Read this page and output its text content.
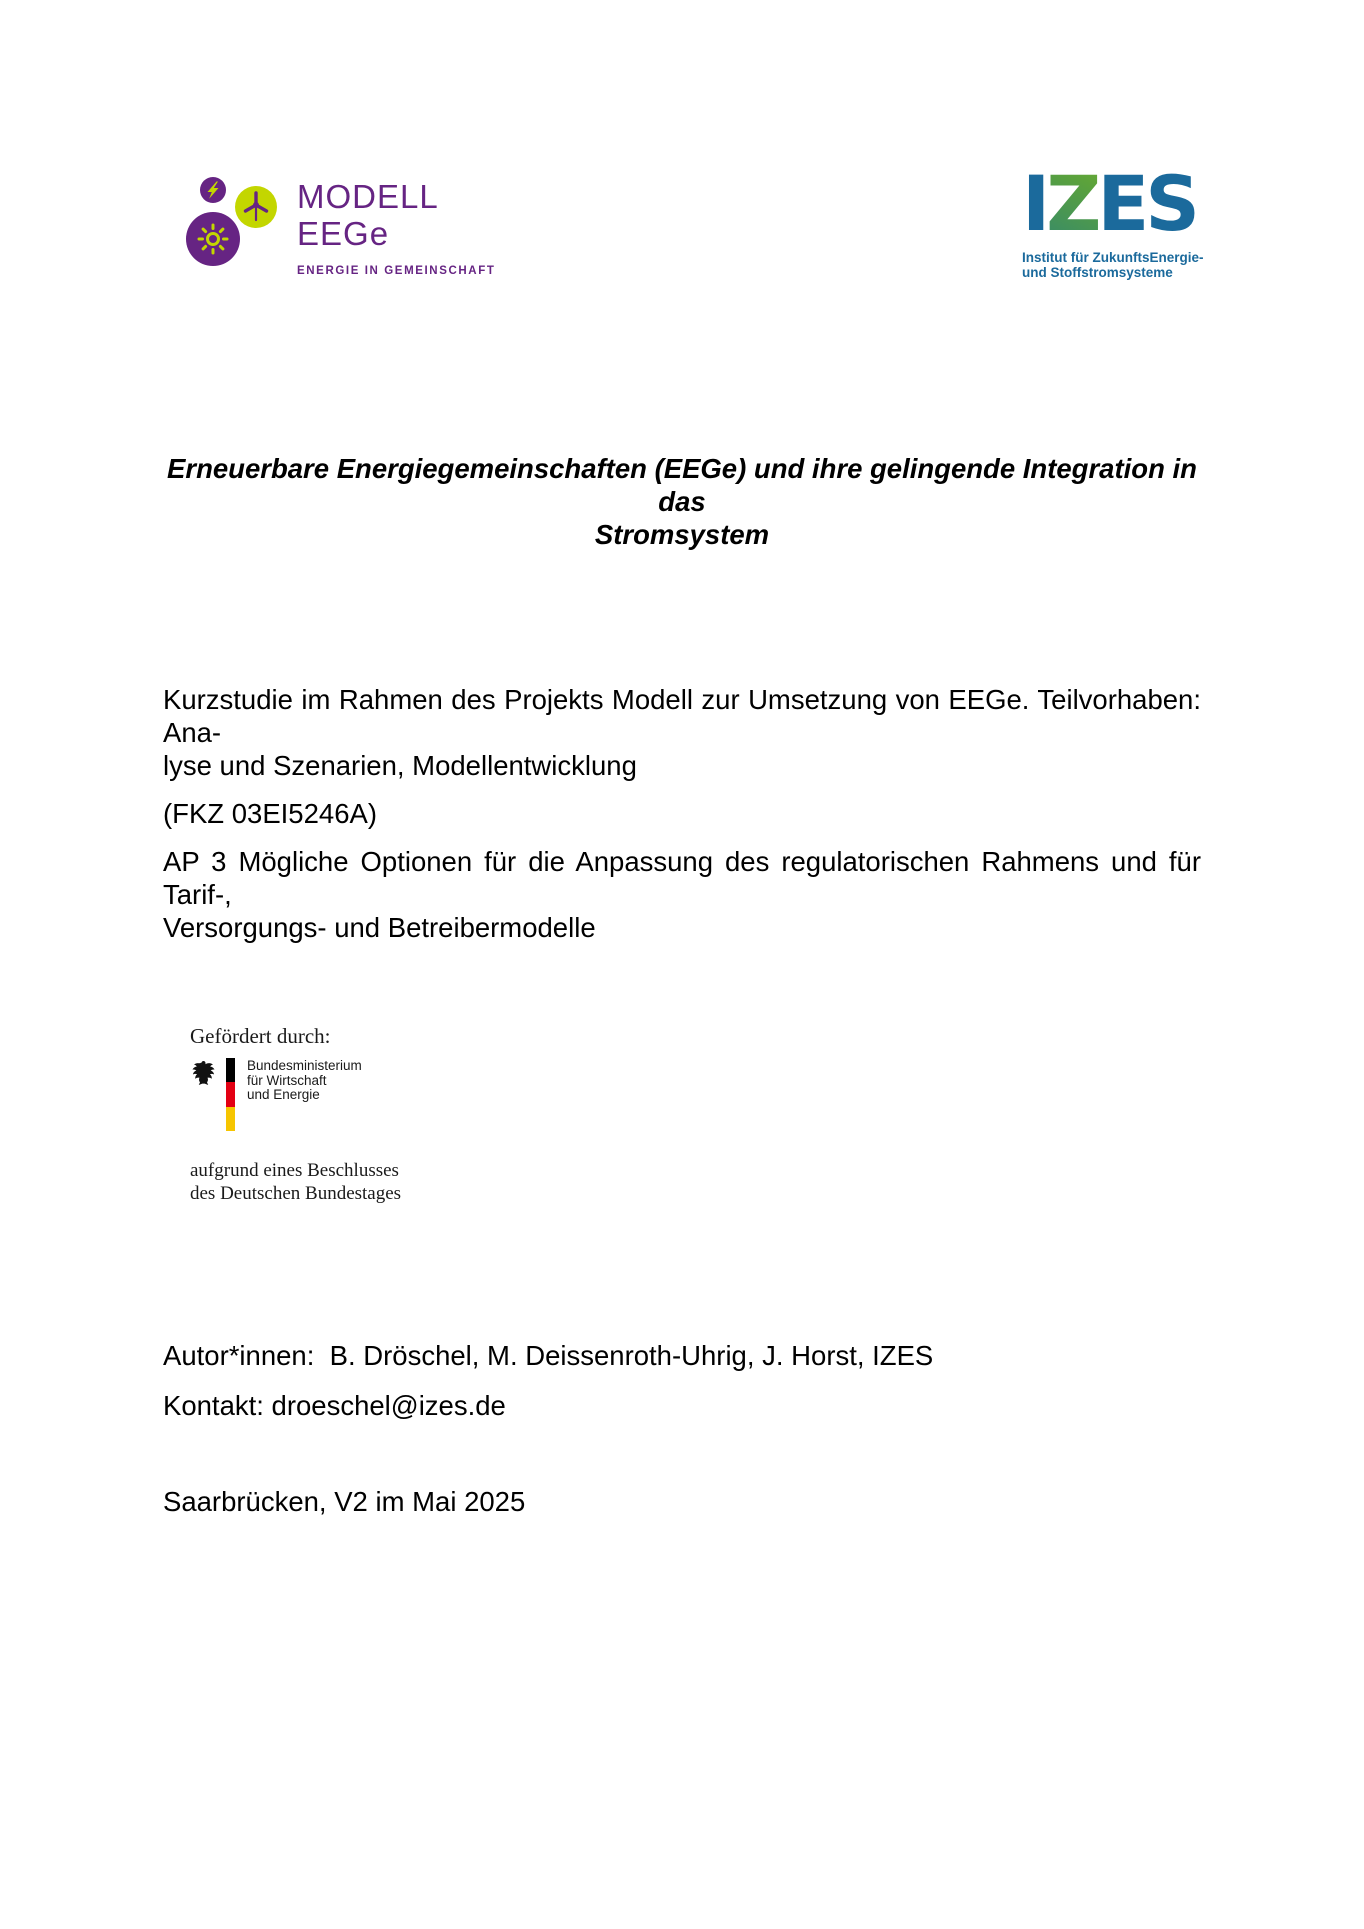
MODELL
EEGe
ENERGIE IN GEMEINSCHAFT
IZES
Institut für ZukunftsEnergie-
und Stoffstromsysteme
Erneuerbare Energiegemeinschaften (EEGe) und ihre gelingende Integration in das
Stromsystem

Kurzstudie im Rahmen des Projekts Modell zur Umsetzung von EEGe. Teilvorhaben: Ana-
lyse und Szenarien, Modellentwicklung

(FKZ 03EI5246A)

AP 3 Mögliche Optionen für die Anpassung des regulatorischen Rahmens und für Tarif-,
Versorgungs- und Betreibermodelle

Gefördert durch:
Bundesministerium
für Wirtschaft
und Energie
aufgrund eines Beschlusses
des Deutschen Bundestages
Autor*innen:  B. Dröschel, M. Deissenroth-Uhrig, J. Horst, IZES
Kontakt: droeschel@izes.de
Saarbrücken, V2 im Mai 2025
